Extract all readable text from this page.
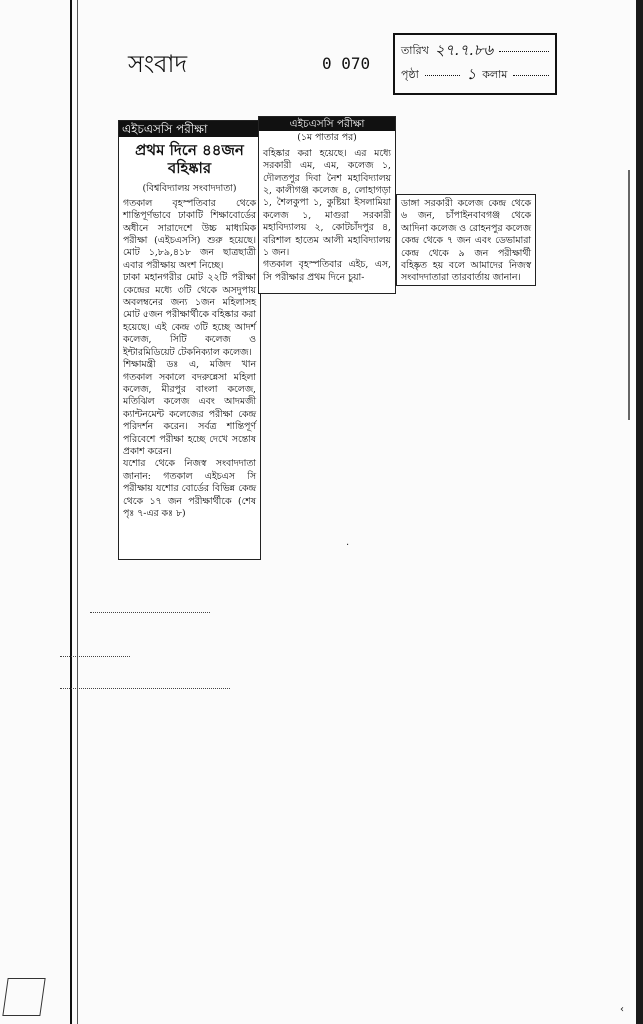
সংবাদ	0 070
তারিখ ২৭.৭.৮৬
পৃষ্ঠা	১ কলাম
এইচএসসি পরীক্ষা
প্রথম দিনে ৪৪জন বহিষ্কার
(বিশ্ববিদ্যালয় সংবাদদাতা)

গতকাল বৃহস্পতিবার থেকে শান্তিপূর্ণভাবে ঢাকাটি শিক্ষাবোর্ডের অধীনে সারাদেশে উচ্চ মাধ্যমিক পরীক্ষা (এইচএসসি) শুরু হয়েছে। মোট ১,৮৯,৪১৮ জন ছাত্রছাত্রী এবার পরীক্ষায় অংশ নিচ্ছে।

ঢাকা মহানগরীর মোট ২২টি পরীক্ষা কেন্দ্রের মধ্যে ৩টি থেকে অসদুপায় অবলম্বনের জন্য ১জন মহিলাসহ মোট ৫জন পরীক্ষার্থীকে বহিষ্কার করা হয়েছে। এই কেন্দ্র ৩টি হচ্ছে আদর্শ কলেজ, সিটি কলেজ ও ইন্টারমিডিয়েট টেকনিক্যাল কলেজ।

শিক্ষামন্ত্রী ডঃ এ, মজিদ খান গতকাল সকালে বদরুন্নেসা মহিলা কলেজ, মীরপুর বাংলা কলেজ, মতিঝিল কলেজ এবং আদমজী ক্যান্টনমেন্ট কলেজের পরীক্ষা কেন্দ্র পরিদর্শন করেন। সর্বত্র শান্তিপূর্ণ পরিবেশে পরীক্ষা হচ্ছে দেখে সন্তোষ প্রকাশ করেন।

যশোর থেকে নিজস্ব সংবাদদাতা জানান: গতকাল এইচএস সি পরীক্ষায় যশোর বোর্ডের বিভিন্ন কেন্দ্র থেকে ১৭ জন পরীক্ষার্থীকে (শেষ পৃঃ ৭-এর কঃ ৮)

এইচএসসি পরীক্ষা
(১ম পাতার পর)

বহিষ্কার করা হয়েছে। এর মধ্যে সরকারী এম, এম, কলেজ ১, দৌলতপুর দিবা নৈশ মহাবিদ্যালয় ২, কালীগঞ্জ কলেজ ৪, লোহাগড়া ১, শৈলকুপা ১, কুষ্টিয়া ইসলামিয়া কলেজ ১, মাগুরা সরকারী মহাবিদ্যালয় ২, কোটচাঁদপুর ৪, বরিশাল হাতেম আলী মহাবিদ্যালয় ১ জন।

গতকাল বৃহস্পতিবার এইচ, এস, সি পরীক্ষার প্রথম দিনে চুয়া-

ডাঙ্গা সরকারী কলেজ কেন্দ্র থেকে ৬ জন, চাঁপাইনবাবগঞ্জ থেকে আদিনা কলেজ ও রোহনপুর কলেজ কেন্দ্র থেকে ৭ জন এবং ডেভামারা কেন্দ্র থেকে ৯ জন পরীক্ষার্থী বহিষ্কৃত হয় বলে আমাদের নিজস্ব সংবাদদাতারা তারবার্তায় জানান।

·
‹
